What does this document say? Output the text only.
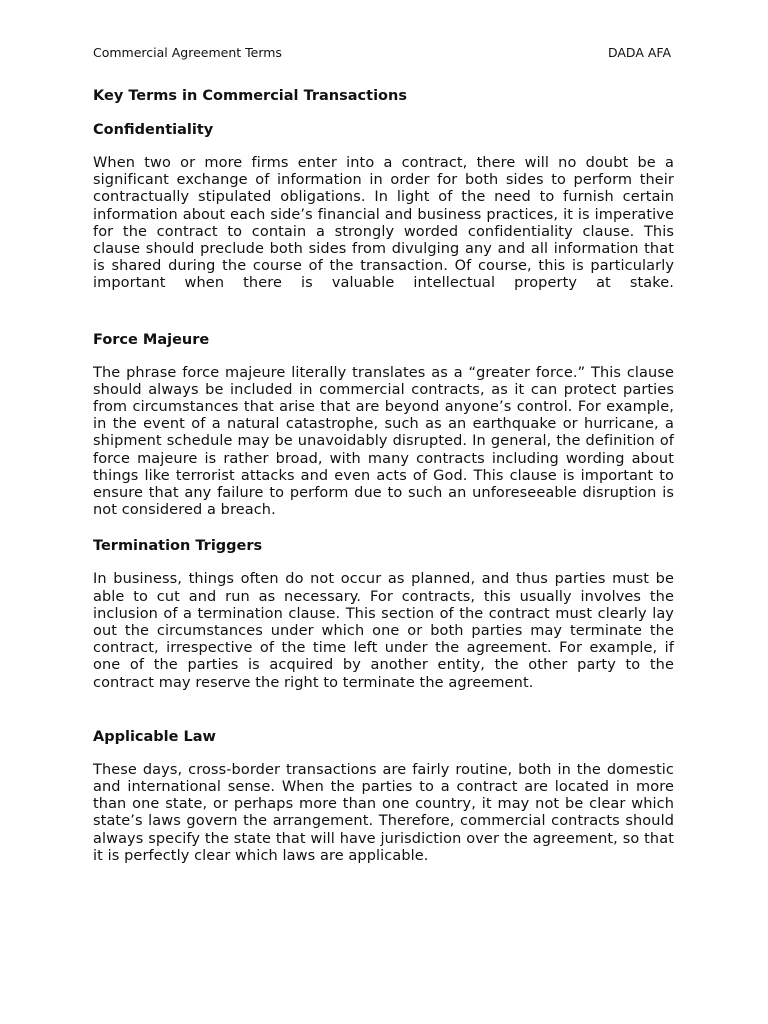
Commercial Agreement Terms	DADA AFA
Key Terms in Commercial Transactions
Confidentiality

When two or more firms enter into a contract, there will no doubt be a significant exchange of information in order for both sides to perform their contractually stipulated obligations. In light of the need to furnish certain information about each side’s financial and business practices, it is imperative for the contract to contain a strongly worded confidentiality clause. This clause should preclude both sides from divulging any and all information that is shared during the course of the transaction. Of course, this is particularly important when there is valuable intellectual property at stake.

Force Majeure

The phrase force majeure literally translates as a “greater force.” This clause should always be included in commercial contracts, as it can protect parties from circumstances that arise that are beyond anyone’s control. For example, in the event of a natural catastrophe, such as an earthquake or hurricane, a shipment schedule may be unavoidably disrupted. In general, the definition of force majeure is rather broad, with many contracts including wording about things like terrorist attacks and even acts of God. This clause is important to ensure that any failure to perform due to such an unforeseeable disruption is not considered a breach.

Termination Triggers

In business, things often do not occur as planned, and thus parties must be able to cut and run as necessary. For contracts, this usually involves the inclusion of a termination clause. This section of the contract must clearly lay out the circumstances under which one or both parties may terminate the contract, irrespective of the time left under the agreement. For example, if one of the parties is acquired by another entity, the other party to the contract may reserve the right to terminate the agreement.

Applicable Law

These days, cross-border transactions are fairly routine, both in the domestic and international sense. When the parties to a contract are located in more than one state, or perhaps more than one country, it may not be clear which state’s laws govern the arrangement. Therefore, commercial contracts should always specify the state that will have jurisdiction over the agreement, so that it is perfectly clear which laws are applicable.
